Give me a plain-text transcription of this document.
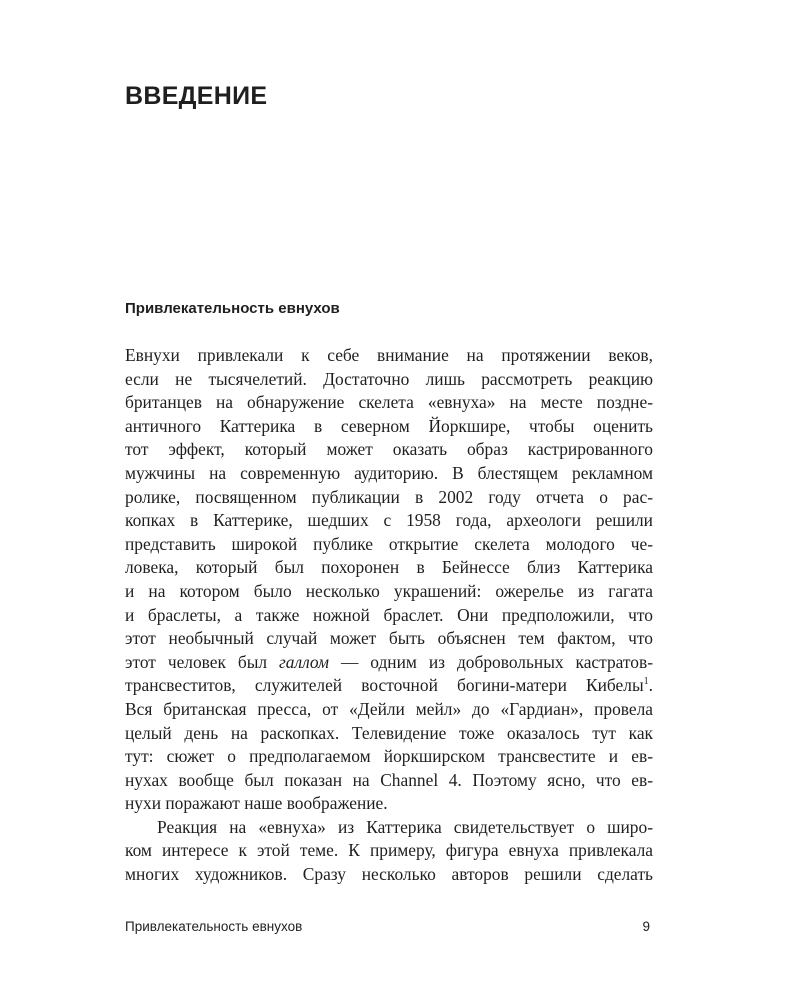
ВВЕДЕНИЕ
Привлекательность евнухов
Евнухи привлекали к себе внимание на протяжении веков,
если не тысячелетий. Достаточно лишь рассмотреть реакцию
британцев на обнаружение скелета «евнуха» на месте поздне-
античного Каттерика в северном Йоркшире, чтобы оценить
тот эффект, который может оказать образ кастрированного
мужчины на современную аудиторию. В блестящем рекламном
ролике, посвященном публикации в 2002 году отчета о рас-
копках в Каттерике, шедших с 1958 года, археологи решили
представить широкой публике открытие скелета молодого че-
ловека, который был похоронен в Бейнессе близ Каттерика
и на котором было несколько украшений: ожерелье из гагата
и браслеты, а также ножной браслет. Они предположили, что
этот необычный случай может быть объяснен тем фактом, что
этот человек был галлом — одним из добровольных кастратов-
трансвеститов, служителей восточной богини-матери Кибелы$^1$.
Вся британская пресса, от «Дейли мейл» до «Гардиан», провела
целый день на раскопках. Телевидение тоже оказалось тут как
тут: сюжет о предполагаемом йоркширском трансвестите и ев-
нухах вообще был показан на Channel 4. Поэтому ясно, что ев-
нухи поражают наше воображение.
Реакция на «евнуха» из Каттерика свидетельствует о широ-
ком интересе к этой теме. К примеру, фигура евнуха привлекала
многих художников. Сразу несколько авторов решили сделать
Привлекательность евнухов	9
